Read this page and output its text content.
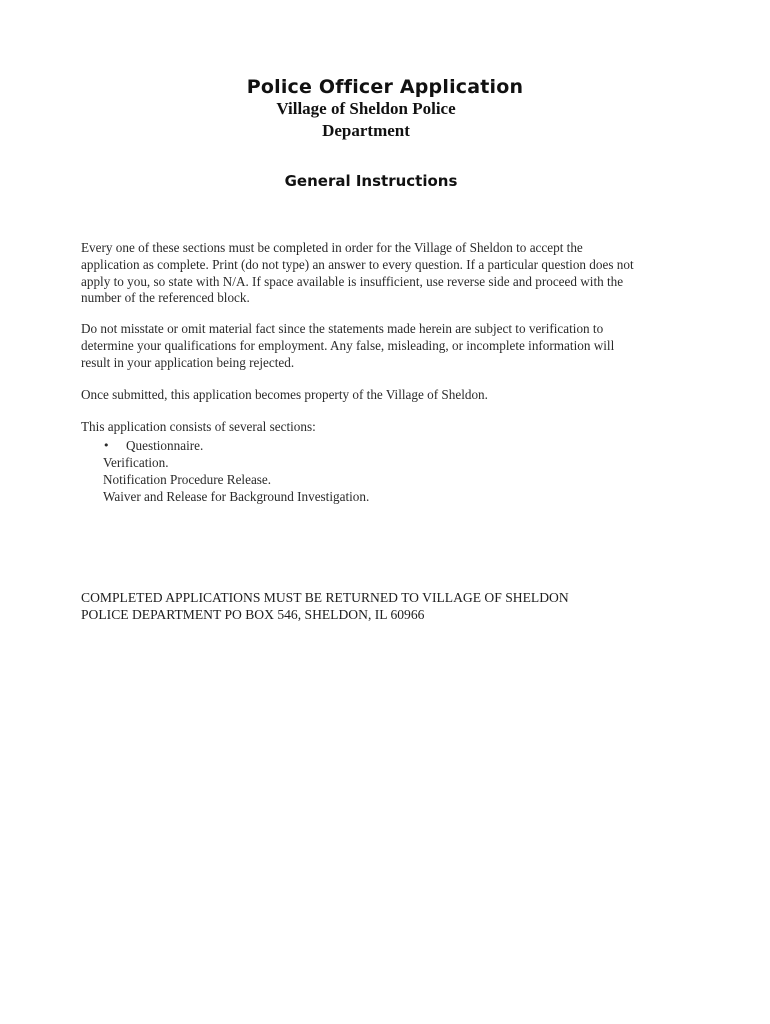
Police Officer Application
Village of Sheldon Police
Department
General Instructions
Every one of these sections must be completed in order for the Village of Sheldon to accept the
application as complete. Print (do not type) an answer to every question. If a particular question does not
apply to you, so state with N/A. If space available is insufficient, use reverse side and proceed with the
number of the referenced block.
Do not misstate or omit material fact since the statements made herein are subject to verification to
determine your qualifications for employment. Any false, misleading, or incomplete information will
result in your application being rejected.
Once submitted, this application becomes property of the Village of Sheldon.
This application consists of several sections:
• Questionnaire.
Verification.
Notification Procedure Release.
Waiver and Release for Background Investigation.
COMPLETED APPLICATIONS MUST BE RETURNED TO VILLAGE OF SHELDON
POLICE DEPARTMENT PO BOX 546, SHELDON, IL 60966
